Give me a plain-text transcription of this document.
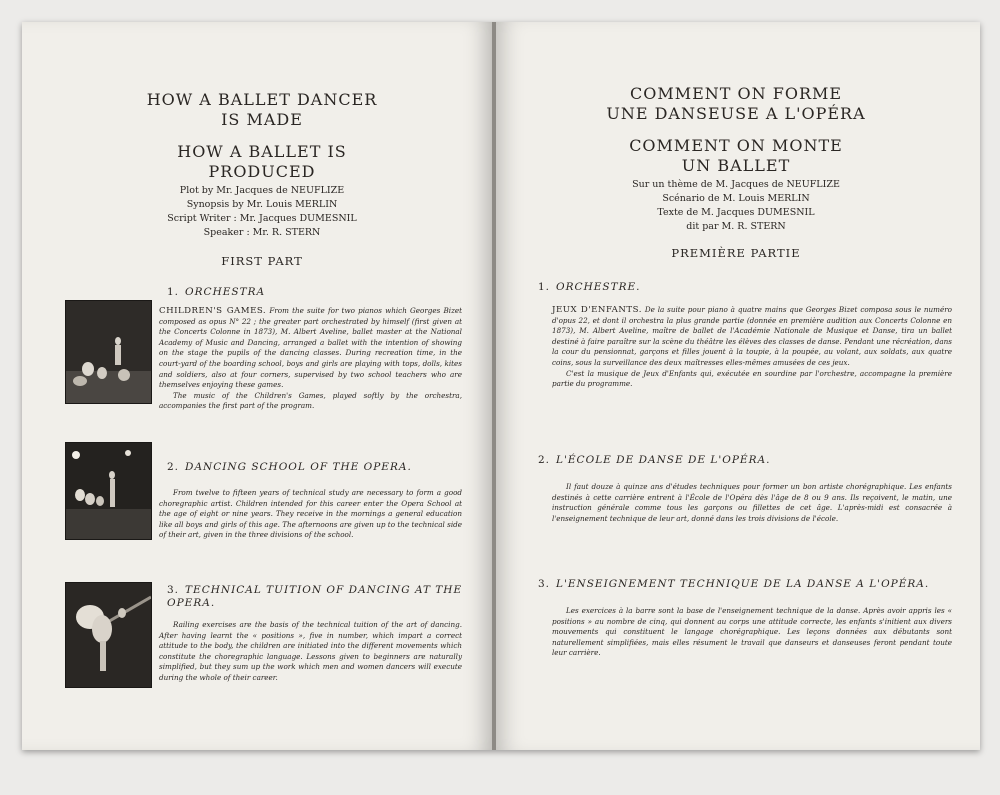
HOW A BALLET DANCER
IS MADE
HOW A BALLET IS
PRODUCED
Plot by Mr. Jacques de NEUFLIZE
Synopsis by Mr. Louis MERLIN
Script Writer : Mr. Jacques DUMESNIL
Speaker : Mr. R. STERN
FIRST PART
1. ORCHESTRA

CHILDREN'S GAMES. From the suite for two pianos which Georges Bizet composed as opus N° 22 ; the greater part orchestrated by himself (first given at the Concerts Colonne in 1873), M. Albert Aveline, ballet master at the National Academy of Music and Dancing, arranged a ballet with the intention of showing on the stage the pupils of the dancing classes. During recreation time, in the court-yard of the boarding school, boys and girls are playing with tops, dolls, kites and soldiers, also at four corners, supervised by two school teachers who are themselves enjoying these games.

The music of the Children's Games, played softly by the orchestra, accompanies the first part of the program.

2. DANCING SCHOOL OF THE OPERA.

From twelve to fifteen years of technical study are necessary to form a good choregraphic artist. Children intended for this career enter the Opera School at the age of eight or nine years. They receive in the mornings a general education like all boys and girls of this age. The afternoons are given up to the technical side of their art, given in the three divisions of the school.

3. TECHNICAL TUITION OF DANCING AT THE OPERA.

Railing exercises are the basis of the technical tuition of the art of dancing. After having learnt the « positions », five in number, which impart a correct attitude to the body, the children are initiated into the different movements which constitute the choregraphic language. Lessons given to beginners are naturally simplified, but they sum up the work which men and women dancers will execute during the whole of their career.

COMMENT ON FORME
UNE DANSEUSE A L'OPÉRA
COMMENT ON MONTE
UN BALLET
Sur un thème de M. Jacques de NEUFLIZE
Scénario de M. Louis MERLIN
Texte de M. Jacques DUMESNIL
dit par M. R. STERN
PREMIÈRE PARTIE
1. ORCHESTRE.

JEUX D'ENFANTS. De la suite pour piano à quatre mains que Georges Bizet composa sous le numéro d'opus 22, et dont il orchestra la plus grande partie (donnée en première audition aux Concerts Colonne en 1873), M. Albert Aveline, maître de ballet de l'Académie Nationale de Musique et Danse, tira un ballet destiné à faire paraître sur la scène du théâtre les élèves des classes de danse. Pendant une récréation, dans la cour du pensionnat, garçons et filles jouent à la toupie, à la poupée, au volant, aux soldats, aux quatre coins, sous la surveillance des deux maîtresses elles-mêmes amusées de ces jeux.

C'est la musique de Jeux d'Enfants qui, exécutée en sourdine par l'orchestre, accompagne la première partie du programme.

2. L'ÉCOLE DE DANSE DE L'OPÉRA.

Il faut douze à quinze ans d'études techniques pour former un bon artiste chorégraphique. Les enfants destinés à cette carrière entrent à l'École de l'Opéra dès l'âge de 8 ou 9 ans. Ils reçoivent, le matin, une instruction générale comme tous les garçons ou fillettes de cet âge. L'après-midi est consacrée à l'enseignement technique de leur art, donné dans les trois divisions de l'école.

3. L'ENSEIGNEMENT TECHNIQUE DE LA DANSE A L'OPÉRA.

Les exercices à la barre sont la base de l'enseignement technique de la danse. Après avoir appris les « positions » au nombre de cinq, qui donnent au corps une attitude correcte, les enfants s'initient aux divers mouvements qui constituent le langage chorégraphique. Les leçons données aux débutants sont naturellement simplifiées, mais elles résument le travail que danseurs et danseuses feront pendant toute leur carrière.
